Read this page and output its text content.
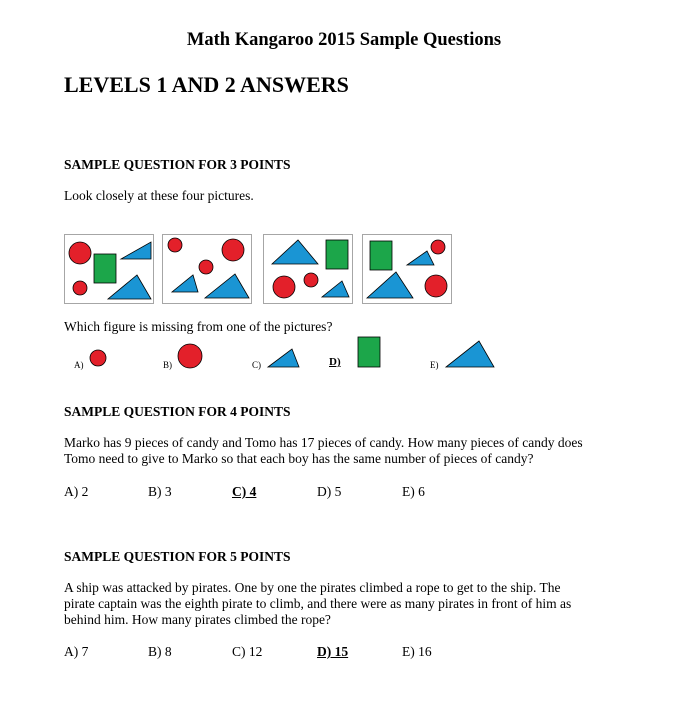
Math Kangaroo 2015 Sample Questions
LEVELS 1 AND 2 ANSWERS
SAMPLE QUESTION FOR 3 POINTS
Look closely at these four pictures.
Which figure is missing from one of the pictures?
A)	B)	C)	D)	E)
SAMPLE QUESTION FOR 4 POINTS
Marko has 9 pieces of candy and Tomo has 17 pieces of candy. How many pieces of candy does
Tomo need to give to Marko so that each boy has the same number of pieces of candy?
A) 2	B) 3	C) 4	D) 5	E) 6
SAMPLE QUESTION FOR 5 POINTS
A ship was attacked by pirates. One by one the pirates climbed a rope to get to the ship. The
pirate captain was the eighth pirate to climb, and there were as many pirates in front of him as
behind him. How many pirates climbed the rope?
A) 7	B) 8	C) 12	D) 15	E) 16
